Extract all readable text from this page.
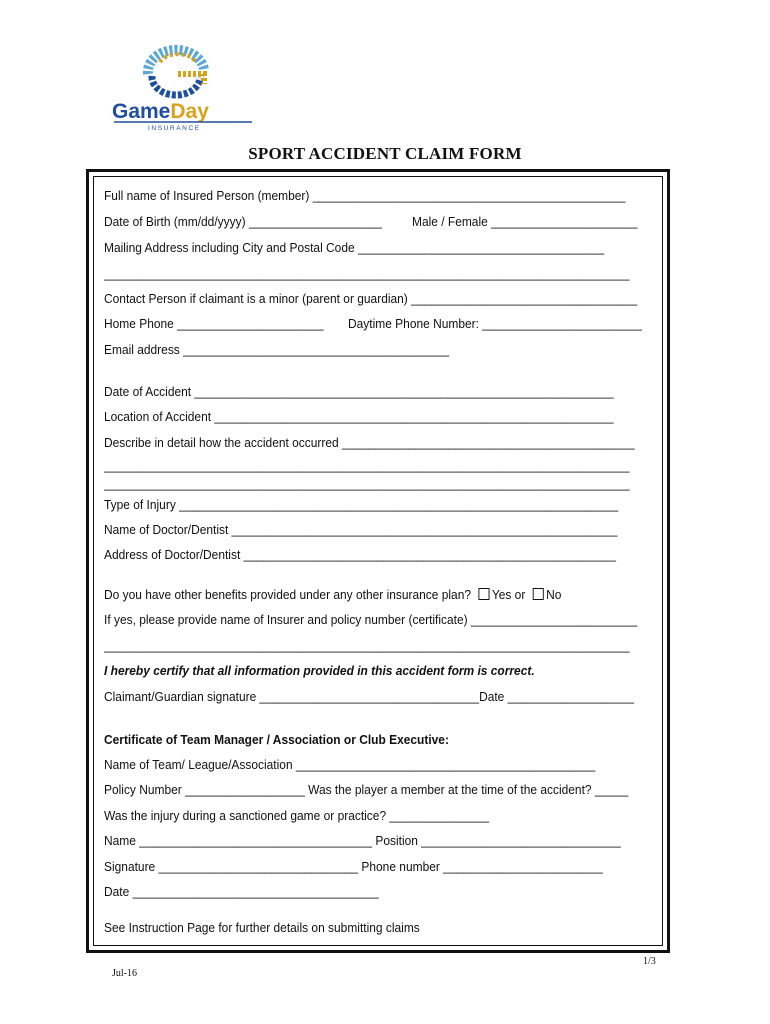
GameDay
INSURANCE
SPORT ACCIDENT CLAIM FORM
Full name of Insured Person (member) _______________________________________________
Date of Birth (mm/dd/yyyy) ____________________	Male / Female ______________________
Mailing Address including City and Postal Code _____________________________________
_______________________________________________________________________________
Contact Person if claimant is a minor (parent or guardian) __________________________________
Home Phone ______________________	Daytime Phone Number: ________________________
Email address ________________________________________
Date of Accident _______________________________________________________________
Location of Accident ____________________________________________________________
Describe in detail how the accident occurred ____________________________________________
_______________________________________________________________________________
_______________________________________________________________________________
Type of Injury __________________________________________________________________
Name of Doctor/Dentist __________________________________________________________
Address of Doctor/Dentist ________________________________________________________
Do you have other benefits provided under any other insurance plan? Yes or No
If yes, please provide name of Insurer and policy number (certificate) _________________________
_______________________________________________________________________________
I hereby certify that all information provided in this accident form is correct.
Claimant/Guardian signature _________________________________Date ___________________
Certificate of Team Manager / Association or Club Executive:
Name of Team/ League/Association _____________________________________________
Policy Number __________________ Was the player a member at the time of the accident? _____
Was the injury during a sanctioned game or practice? _______________
Name ___________________________________ Position ______________________________
Signature ______________________________ Phone number ________________________
Date _____________________________________
See Instruction Page for further details on submitting claims
Jul-16
1/3
